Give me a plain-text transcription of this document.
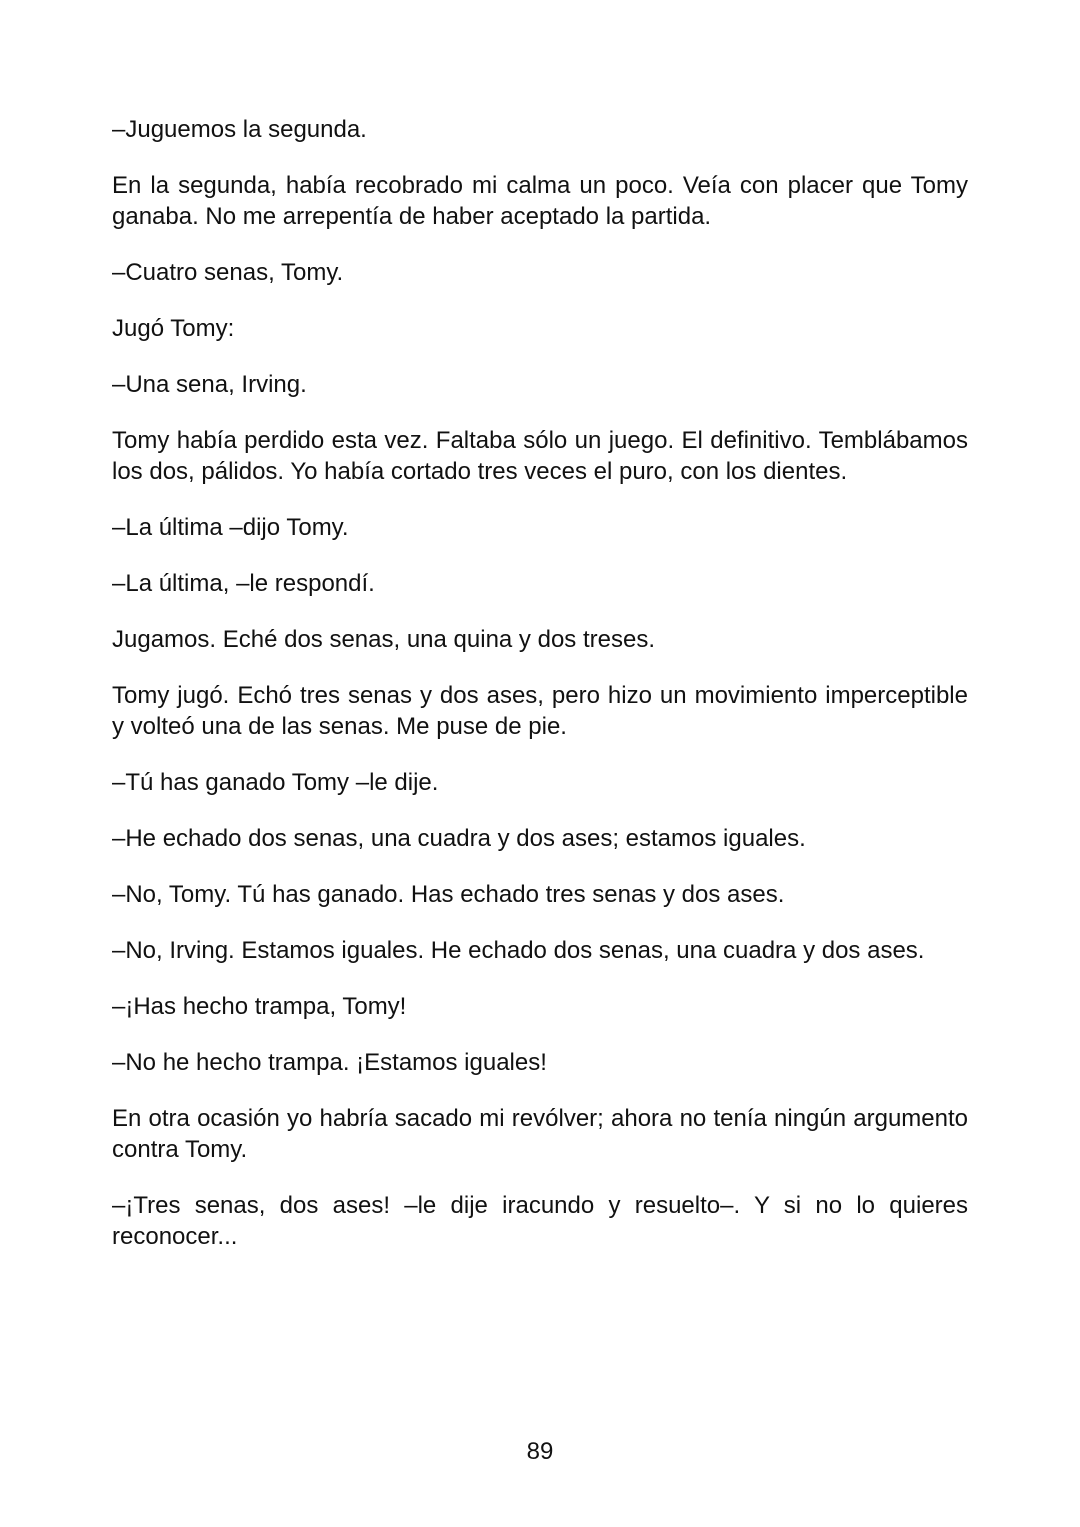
–Juguemos la segunda.

En la segunda, había recobrado mi calma un poco. Veía con placer que Tomy ganaba. No me arrepentía de haber aceptado la partida.

–Cuatro senas, Tomy.

Jugó Tomy:

–Una sena, Irving.

Tomy había perdido esta vez. Faltaba sólo un juego. El definitivo. Temblábamos los dos, pálidos. Yo había cortado tres veces el puro, con los dientes.

–La última –dijo Tomy.

–La última, –le respondí.

Jugamos. Eché dos senas, una quina y dos treses.

Tomy jugó. Echó tres senas y dos ases, pero hizo un movimiento imperceptible y volteó una de las senas. Me puse de pie.

–Tú has ganado Tomy –le dije.

–He echado dos senas, una cuadra y dos ases; estamos iguales.

–No, Tomy. Tú has ganado. Has echado tres senas y dos ases.

–No, Irving. Estamos iguales. He echado dos senas, una cuadra y dos ases.

–¡Has hecho trampa, Tomy!

–No he hecho trampa. ¡Estamos iguales!

En otra ocasión yo habría sacado mi revólver; ahora no tenía ningún argumento contra Tomy.

–¡Tres senas, dos ases! –le dije iracundo y resuelto–. Y si no lo quieres reconocer...

89
